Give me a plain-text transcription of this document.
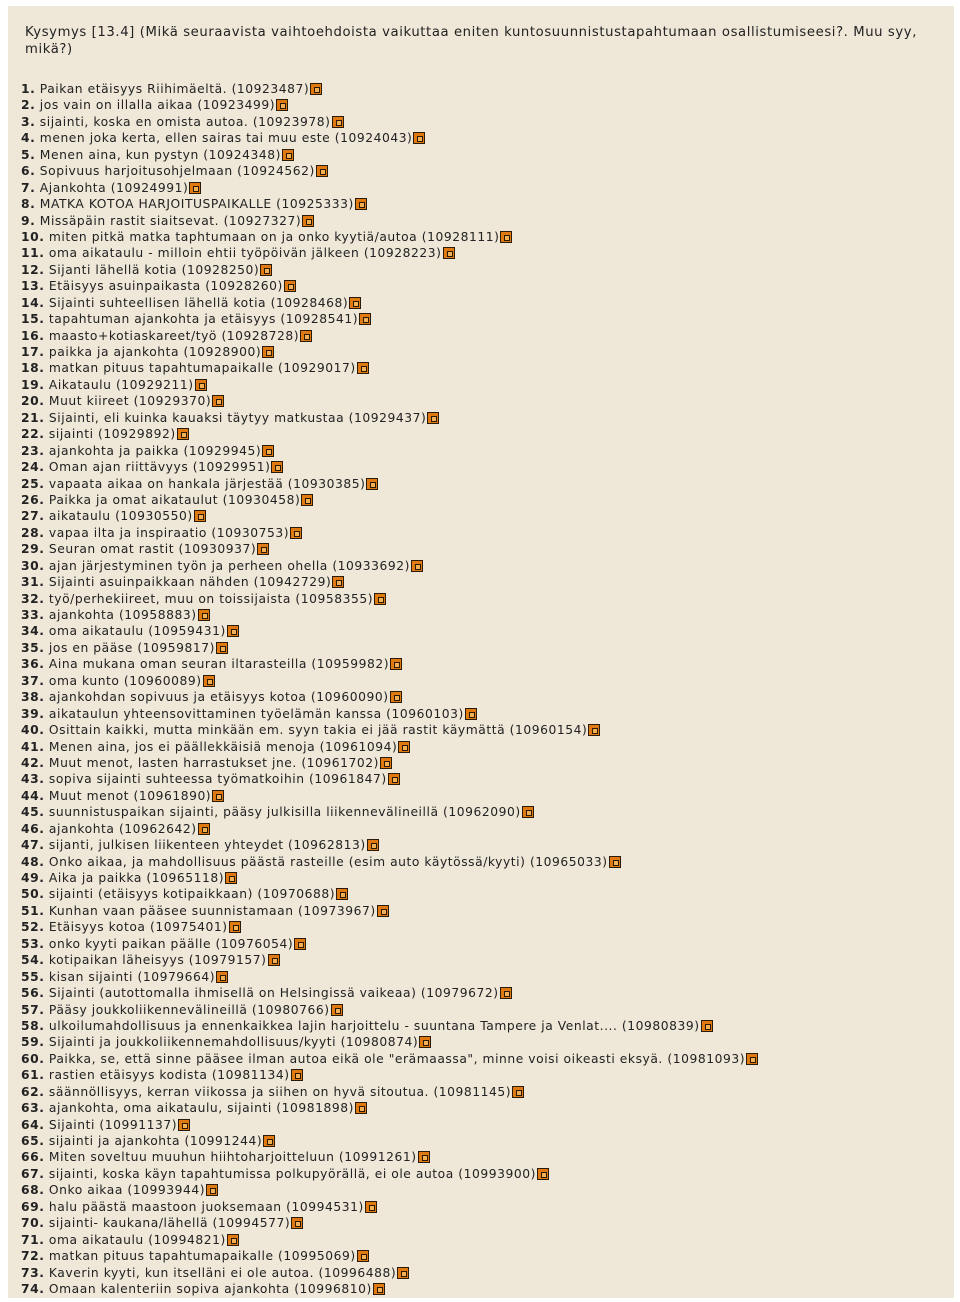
Kysymys [13.4] (Mikä seuraavista vaihtoehdoista vaikuttaa eniten kuntosuunnistustapahtumaan osallistumiseesi?. Muu syy, mikä?)
1. Paikan etäisyys Riihimäeltä. (10923487)
2. jos vain on illalla aikaa (10923499)
3. sijainti, koska en omista autoa. (10923978)
4. menen joka kerta, ellen sairas tai muu este (10924043)
5. Menen aina, kun pystyn (10924348)
6. Sopivuus harjoitusohjelmaan (10924562)
7. Ajankohta (10924991)
8. MATKA KOTOA HARJOITUSPAIKALLE (10925333)
9. Missäpäin rastit siaitsevat. (10927327)
10. miten pitkä matka taphtumaan on ja onko kyytiä/autoa (10928111)
11. oma aikataulu - milloin ehtii työpöivän jälkeen (10928223)
12. Sijanti lähellä kotia (10928250)
13. Etäisyys asuinpaikasta (10928260)
14. Sijainti suhteellisen lähellä kotia (10928468)
15. tapahtuman ajankohta ja etäisyys (10928541)
16. maasto+kotiaskareet/työ (10928728)
17. paikka ja ajankohta (10928900)
18. matkan pituus tapahtumapaikalle (10929017)
19. Aikataulu (10929211)
20. Muut kiireet (10929370)
21. Sijainti, eli kuinka kauaksi täytyy matkustaa (10929437)
22. sijainti (10929892)
23. ajankohta ja paikka (10929945)
24. Oman ajan riittävyys (10929951)
25. vapaata aikaa on hankala järjestää (10930385)
26. Paikka ja omat aikataulut (10930458)
27. aikataulu (10930550)
28. vapaa ilta ja inspiraatio (10930753)
29. Seuran omat rastit (10930937)
30. ajan järjestyminen työn ja perheen ohella (10933692)
31. Sijainti asuinpaikkaan nähden (10942729)
32. työ/perhekiireet, muu on toissijaista (10958355)
33. ajankohta (10958883)
34. oma aikataulu (10959431)
35. jos en pääse (10959817)
36. Aina mukana oman seuran iltarasteilla (10959982)
37. oma kunto (10960089)
38. ajankohdan sopivuus ja etäisyys kotoa (10960090)
39. aikataulun yhteensovittaminen työelämän kanssa (10960103)
40. Osittain kaikki, mutta minkään em. syyn takia ei jää rastit käymättä (10960154)
41. Menen aina, jos ei päällekkäisiä menoja (10961094)
42. Muut menot, lasten harrastukset jne. (10961702)
43. sopiva sijainti suhteessa työmatkoihin (10961847)
44. Muut menot (10961890)
45. suunnistuspaikan sijainti, pääsy julkisilla liikennevälineillä (10962090)
46. ajankohta (10962642)
47. sijanti, julkisen liikenteen yhteydet (10962813)
48. Onko aikaa, ja mahdollisuus päästä rasteille (esim auto käytössä/kyyti) (10965033)
49. Aika ja paikka (10965118)
50. sijainti (etäisyys kotipaikkaan) (10970688)
51. Kunhan vaan pääsee suunnistamaan (10973967)
52. Etäisyys kotoa (10975401)
53. onko kyyti paikan päälle (10976054)
54. kotipaikan läheisyys (10979157)
55. kisan sijainti (10979664)
56. Sijainti (autottomalla ihmisellä on Helsingissä vaikeaa) (10979672)
57. Pääsy joukkoliikennevälineillä (10980766)
58. ulkoilumahdollisuus ja ennenkaikkea lajin harjoittelu - suuntana Tampere ja Venlat.... (10980839)
59. Sijainti ja joukkoliikennemahdollisuus/kyyti (10980874)
60. Paikka, se, että sinne pääsee ilman autoa eikä ole "erämaassa", minne voisi oikeasti eksyä. (10981093)
61. rastien etäisyys kodista (10981134)
62. säännöllisyys, kerran viikossa ja siihen on hyvä sitoutua. (10981145)
63. ajankohta, oma aikataulu, sijainti (10981898)
64. Sijainti (10991137)
65. sijainti ja ajankohta (10991244)
66. Miten soveltuu muuhun hiihtoharjoitteluun (10991261)
67. sijainti, koska käyn tapahtumissa polkupyörällä, ei ole autoa (10993900)
68. Onko aikaa (10993944)
69. halu päästä maastoon juoksemaan (10994531)
70. sijainti- kaukana/lähellä (10994577)
71. oma aikataulu (10994821)
72. matkan pituus tapahtumapaikalle (10995069)
73. Kaverin kyyti, kun itselläni ei ole autoa. (10996488)
74. Omaan kalenteriin sopiva ajankohta (10996810)
